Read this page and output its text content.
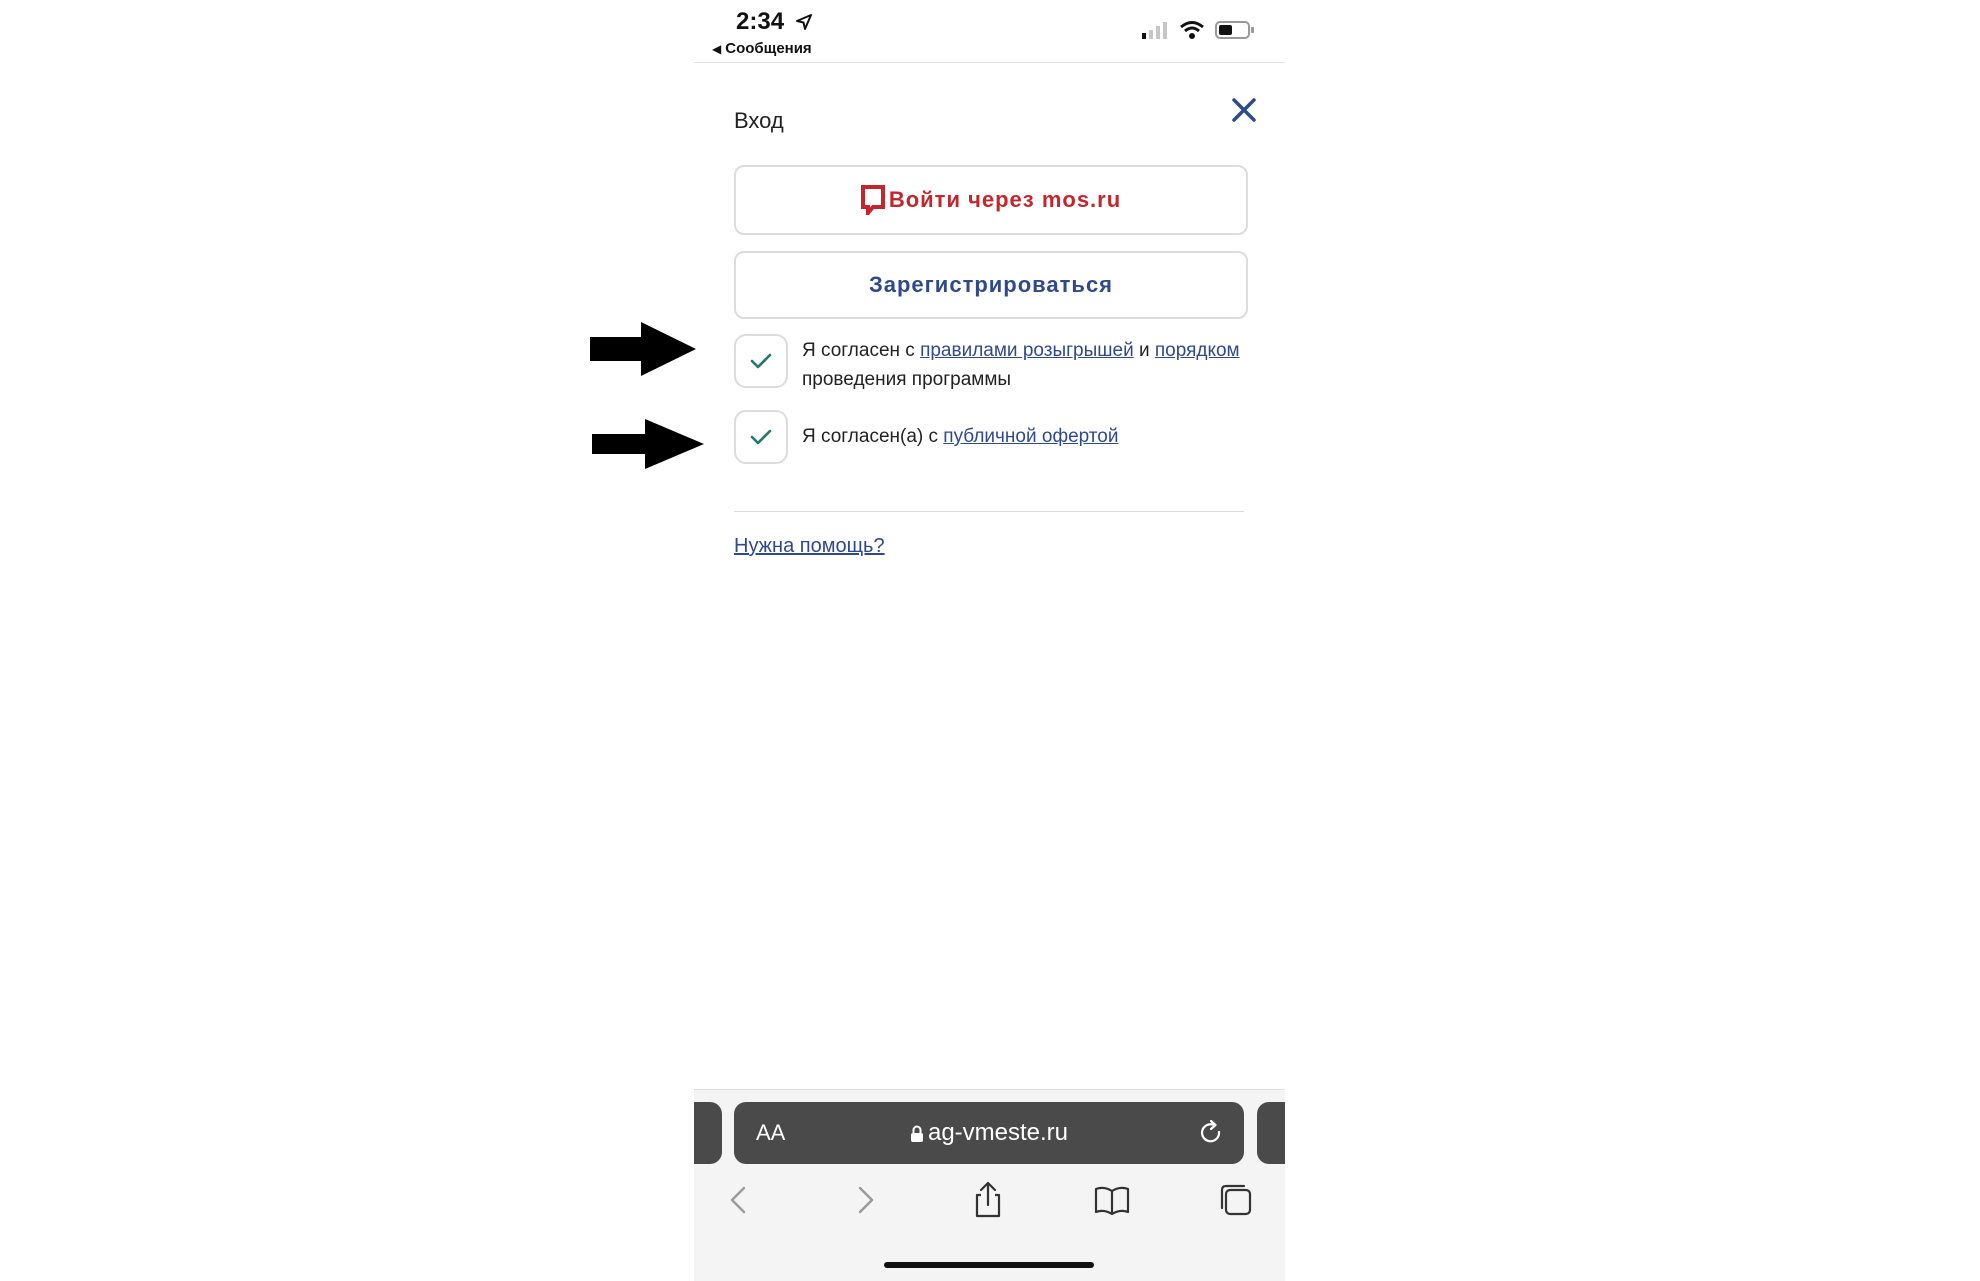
2:34
◀ Сообщения
Вход
Войти через mos.ru
Зарегистрироваться
Я согласен с правилами розыгрышей и порядком проведения программы
Я согласен(а) с публичной офертой
Нужна помощь?
AA	ag-vmeste.ru
